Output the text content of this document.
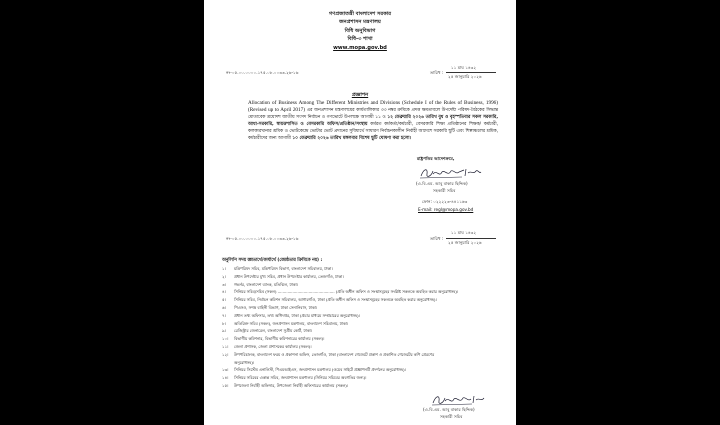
গণপ্রজাতন্ত্রী বাংলাদেশ সরকার
জনপ্রশাসন মন্ত্রণালয়
বিধি অনুবিভাগ
বিধি-৩ শাখা
www.mopa.gov.bd
নং-০৫.০০.০০০০.১৭৫.০৮.০০৩৩.২৬-১৬	তারিখ :
১১ মাঘ ১৪৩২
২৫ জানুয়ারি ২০২৬
প্রজ্ঞাপন
Allocation of Business Among The Different Ministries and Divisions (Schedule I of the Rules of Business, 1996) (Revised up to April 2017) এর জনপ্রশাসন মন্ত্রণালয়ের কার্যতালিকার ৩৩ নম্বর ক্রমিকে প্রদত্ত ক্ষমতাবলে উপদেষ্টা পরিষদ-বৈঠকের সিদ্ধান্ত মোতাবেক ত্রয়োদশ জাতীয় সংসদ নির্বাচন ও গণভোটে উপলক্ষে আগামী ১১ ও ১২ ফেব্রুয়ারি ২০২৬ তারিখ বুধ ও বৃহস্পতিবার সকল সরকারি, আধা-সরকারি, স্বায়ত্তশাসিত ও বেসরকারি অফিস/প্রতিষ্ঠান/সংস্থায় কর্মরত কর্মকর্তা/কর্মচারী, বেসরকারি শিক্ষা প্রতিষ্ঠানের শিক্ষক/ কর্মচারী, কলকারখানার শ্রমিক ও ভোটকেন্দ্রে ভোটার ভোট প্রদানের সুবিধার্থে সাধারণ নির্বাচনকালীন নির্বাহী আদেশে সরকারি ছুটি এবং শিল্পাঞ্চলের শ্রমিক, কর্মচারীদের জন্য আগামী ১০ ফেব্রুয়ারি ২০২৬ তারিখ মঙ্গলবার বিশেষ ছুটি ঘোষণা করা হলো।
রাষ্ট্রপতির আদেশক্রমে,
(এ.বি.এম. আবু বাকার ছিদ্দিক)
সহকারী সচিব
ফোন: ০২২২২৩-৪৪১১৬৩
E-mail: regl@mopa.gov.bd
নং-০৫.০০.০০০০.১৭৫.০৮.০০৩৩.২৬-১৬	তারিখ :
১১ মাঘ ১৪৩২
২৫ জানুয়ারি ২০২৬
অনুলিপি সদয় জ্ঞাতার্থে/কার্যার্থে (জ্যেষ্ঠতার ক্রিমিকে নয়) :
১।	মন্ত্রিপরিষদ সচিব, মন্ত্রিপরিষদ বিভাগ, বাংলাদেশ সচিবালয়, ঢাকা।
২।	প্রধান উপদেষ্টার মুখ্য সচিব, প্রধান উপদেষ্টার কার্যালয়, তেজগাঁও, ঢাকা।
৩।	গভর্নর, বাংলাদেশ ব্যাংক, মতিঝিল, ঢাকা।
৪।	সিনিয়র সচিব/সচিব (সকল) .............................................. (প্রতি অধীন অফিস ও সংস্থাসমূহের সংশ্লিষ্ট সকলকে অবহিত করার অনুরোধসহ)।
৫।	সিনিয়র সচিব, নির্বাচন কমিশন সচিবালয়, আগারগাঁও, ঢাকা (প্রতি অধীন অফিস ও সংস্থাসমূহের সকলকে অবহিত করার অনুরোধসহ)।
৬।	পিএসও, সশস্ত্র বাহিনী বিভাগ, ঢাকা সেনানিবাস, ঢাকা।
৭।	প্রধান তথ্য অফিসার, তথ্য অধিদপ্তর, ঢাকা (প্রচার মাধ্যমে সম্প্রচারের অনুরোধসহ)।
৮।	অতিরিক্ত সচিব (সকল), জনপ্রশাসন মন্ত্রণালয়, বাংলাদেশ সচিবালয়, ঢাকা।
৯।	রেজিস্ট্রার জেনারেল, বাংলাদেশ সুপ্রীম কোর্ট, ঢাকা।
১০।	বিভাগীয় কমিশনার, বিভাগীয় কমিশনারের কার্যালয় (সকল)।
১১।	জেলা প্রশাসক, জেলা প্রশাসকের কার্যালয় (সকল)।
১২।	উপপরিচালক, বাংলাদেশ ফরম ও প্রকাশনা অফিস, তেজগাঁও, ঢাকা (বাংলাদেশ গেজেটে প্রকাশ ও প্রকাশিত গেজেটের কপি প্রেরণের
অনুরোধসহ)।
১৩।	সিনিয়র সিস্টেম এনালিস্ট, পিএমআইএস, জনপ্রশাসন মন্ত্রণালয় (ওয়েব সাইটে প্রজ্ঞাপনটি প্রদর্শনের অনুরোধসহ)।
১৪।	সিনিয়র সচিবের একান্ত সচিব, জনপ্রশাসন মন্ত্রণালয় (সিনিয়র সচিবের অবগতির জন্য)।
১৫।	উপজেলা নির্বাহী অফিসার, উপজেলা নির্বাহী অফিসারের কার্যালয় (সকল)।
(এ.বি.এম. আবু বাকার ছিদ্দিক)
সহকারী সচিব
